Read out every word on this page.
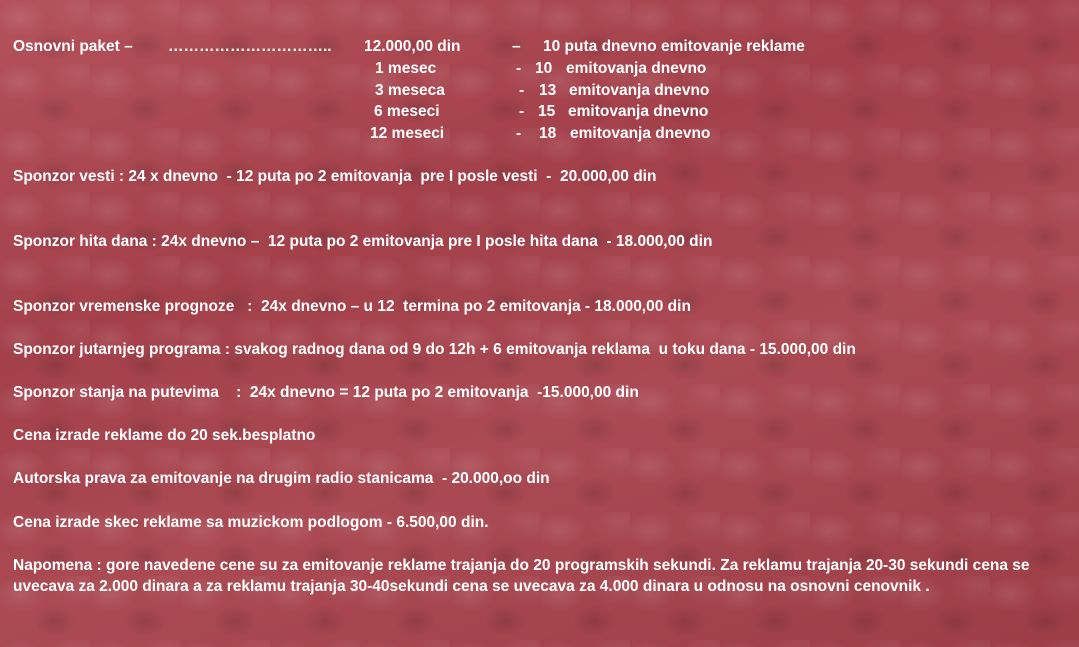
Osnovni paket – ………………………….. 12.000,00 din	– 10 puta dnevno emitovanje reklame
1 mesec	- 10 emitovanja dnevno
3 meseca	- 13 emitovanja dnevno
6 meseci	- 15 emitovanja dnevno
12 meseci	- 18 emitovanja dnevno
Sponzor vesti : 24 x dnevno  - 12 puta po 2 emitovanja  pre I posle vesti  -  20.000,00 din
Sponzor hita dana : 24x dnevno –  12 puta po 2 emitovanja pre I posle hita dana  - 18.000,00 din
Sponzor vremenske prognoze   :  24x dnevno – u 12  termina po 2 emitovanja - 18.000,00 din
Sponzor jutarnjeg programa : svakog radnog dana od 9 do 12h + 6 emitovanja reklama  u toku dana - 15.000,00 din
Sponzor stanja na putevima    :  24x dnevno = 12 puta po 2 emitovanja  -15.000,00 din
Cena izrade reklame do 20 sek.besplatno
Autorska prava za emitovanje na drugim radio stanicama  - 20.000,oo din
Cena izrade skec reklame sa muzickom podlogom - 6.500,00 din.
Napomena : gore navedene cene su za emitovanje reklame trajanja do 20 programskih sekundi. Za reklamu trajanja 20-30 sekundi cena se uvecava za 2.000 dinara a za reklamu trajanja 30-40sekundi cena se uvecava za 4.000 dinara u odnosu na osnovni cenovnik .
